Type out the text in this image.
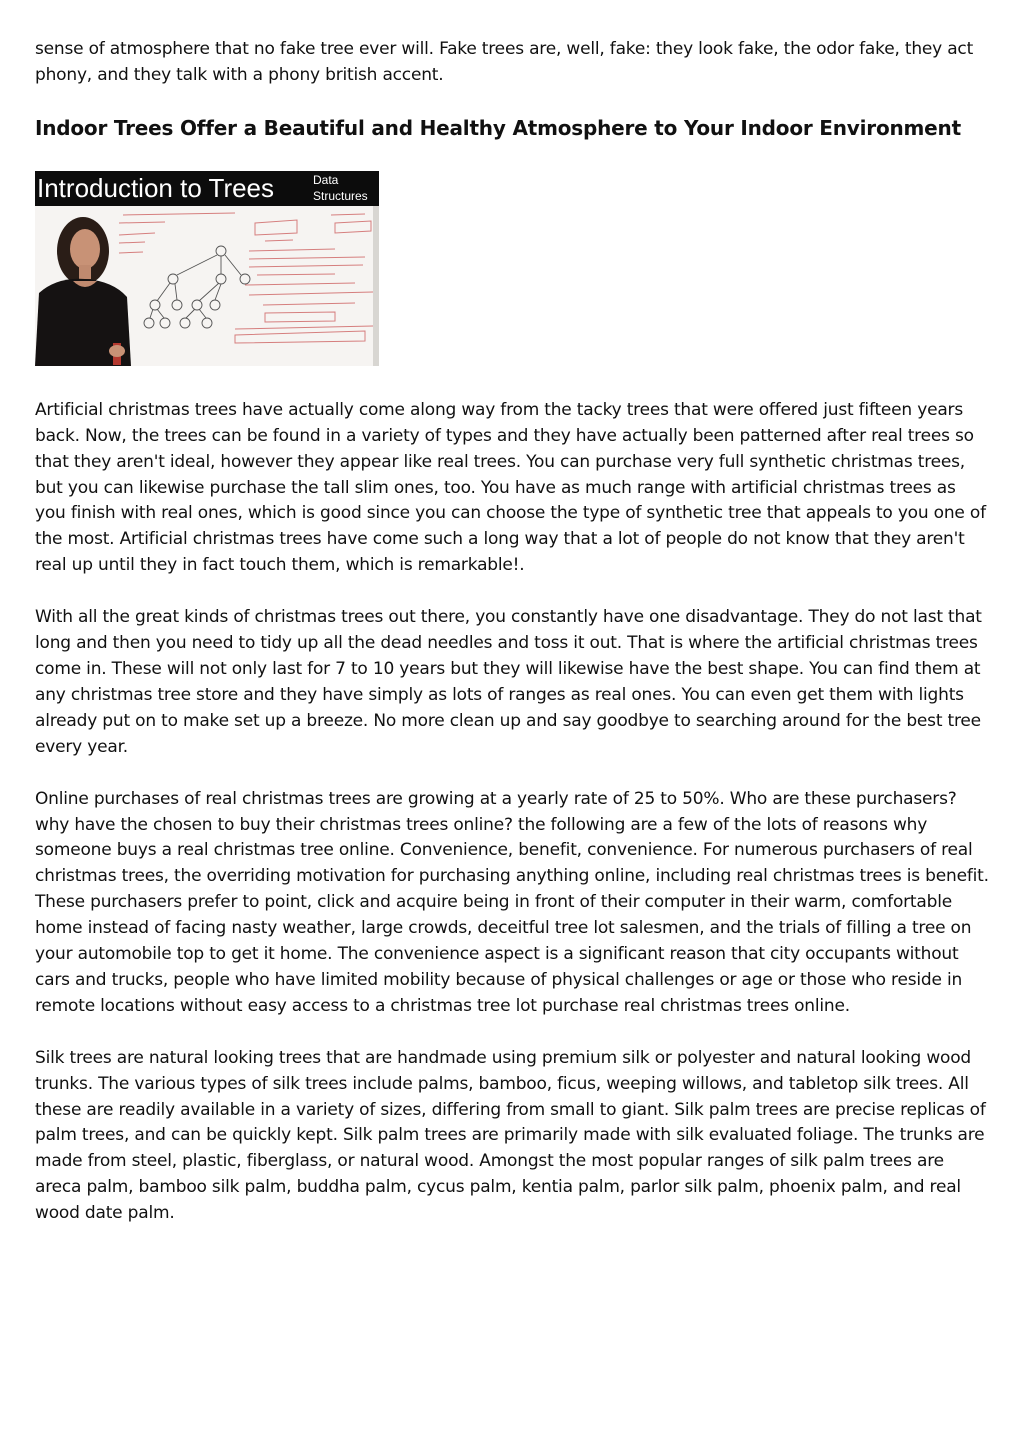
sense of atmosphere that no fake tree ever will. Fake trees are, well, fake: they look fake, the odor fake, they act phony, and they talk with a phony british accent.

Indoor Trees Offer a Beautiful and Healthy Atmosphere to Your Indoor Environment
Introduction to Trees	Data
Structures

Artificial christmas trees have actually come along way from the tacky trees that were offered just fifteen years back. Now, the trees can be found in a variety of types and they have actually been patterned after real trees so that they aren't ideal, however they appear like real trees. You can purchase very full synthetic christmas trees, but you can likewise purchase the tall slim ones, too. You have as much range with artificial christmas trees as you finish with real ones, which is good since you can choose the type of synthetic tree that appeals to you one of the most. Artificial christmas trees have come such a long way that a lot of people do not know that they aren't real up until they in fact touch them, which is remarkable!.

With all the great kinds of christmas trees out there, you constantly have one disadvantage. They do not last that long and then you need to tidy up all the dead needles and toss it out. That is where the artificial christmas trees come in. These will not only last for 7 to 10 years but they will likewise have the best shape. You can find them at any christmas tree store and they have simply as lots of ranges as real ones. You can even get them with lights already put on to make set up a breeze. No more clean up and say goodbye to searching around for the best tree every year.

Online purchases of real christmas trees are growing at a yearly rate of 25 to 50%. Who are these purchasers? why have the chosen to buy their christmas trees online? the following are a few of the lots of reasons why someone buys a real christmas tree online. Convenience, benefit, convenience. For numerous purchasers of real christmas trees, the overriding motivation for purchasing anything online, including real christmas trees is benefit. These purchasers prefer to point, click and acquire being in front of their computer in their warm, comfortable home instead of facing nasty weather, large crowds, deceitful tree lot salesmen, and the trials of filling a tree on your automobile top to get it home. The convenience aspect is a significant reason that city occupants without cars and trucks, people who have limited mobility because of physical challenges or age or those who reside in remote locations without easy access to a christmas tree lot purchase real christmas trees online.

Silk trees are natural looking trees that are handmade using premium silk or polyester and natural looking wood trunks. The various types of silk trees include palms, bamboo, ficus, weeping willows, and tabletop silk trees. All these are readily available in a variety of sizes, differing from small to giant. Silk palm trees are precise replicas of palm trees, and can be quickly kept. Silk palm trees are primarily made with silk evaluated foliage. The trunks are made from steel, plastic, fiberglass, or natural wood. Amongst the most popular ranges of silk palm trees are areca palm, bamboo silk palm, buddha palm, cycus palm, kentia palm, parlor silk palm, phoenix palm, and real wood date palm.
